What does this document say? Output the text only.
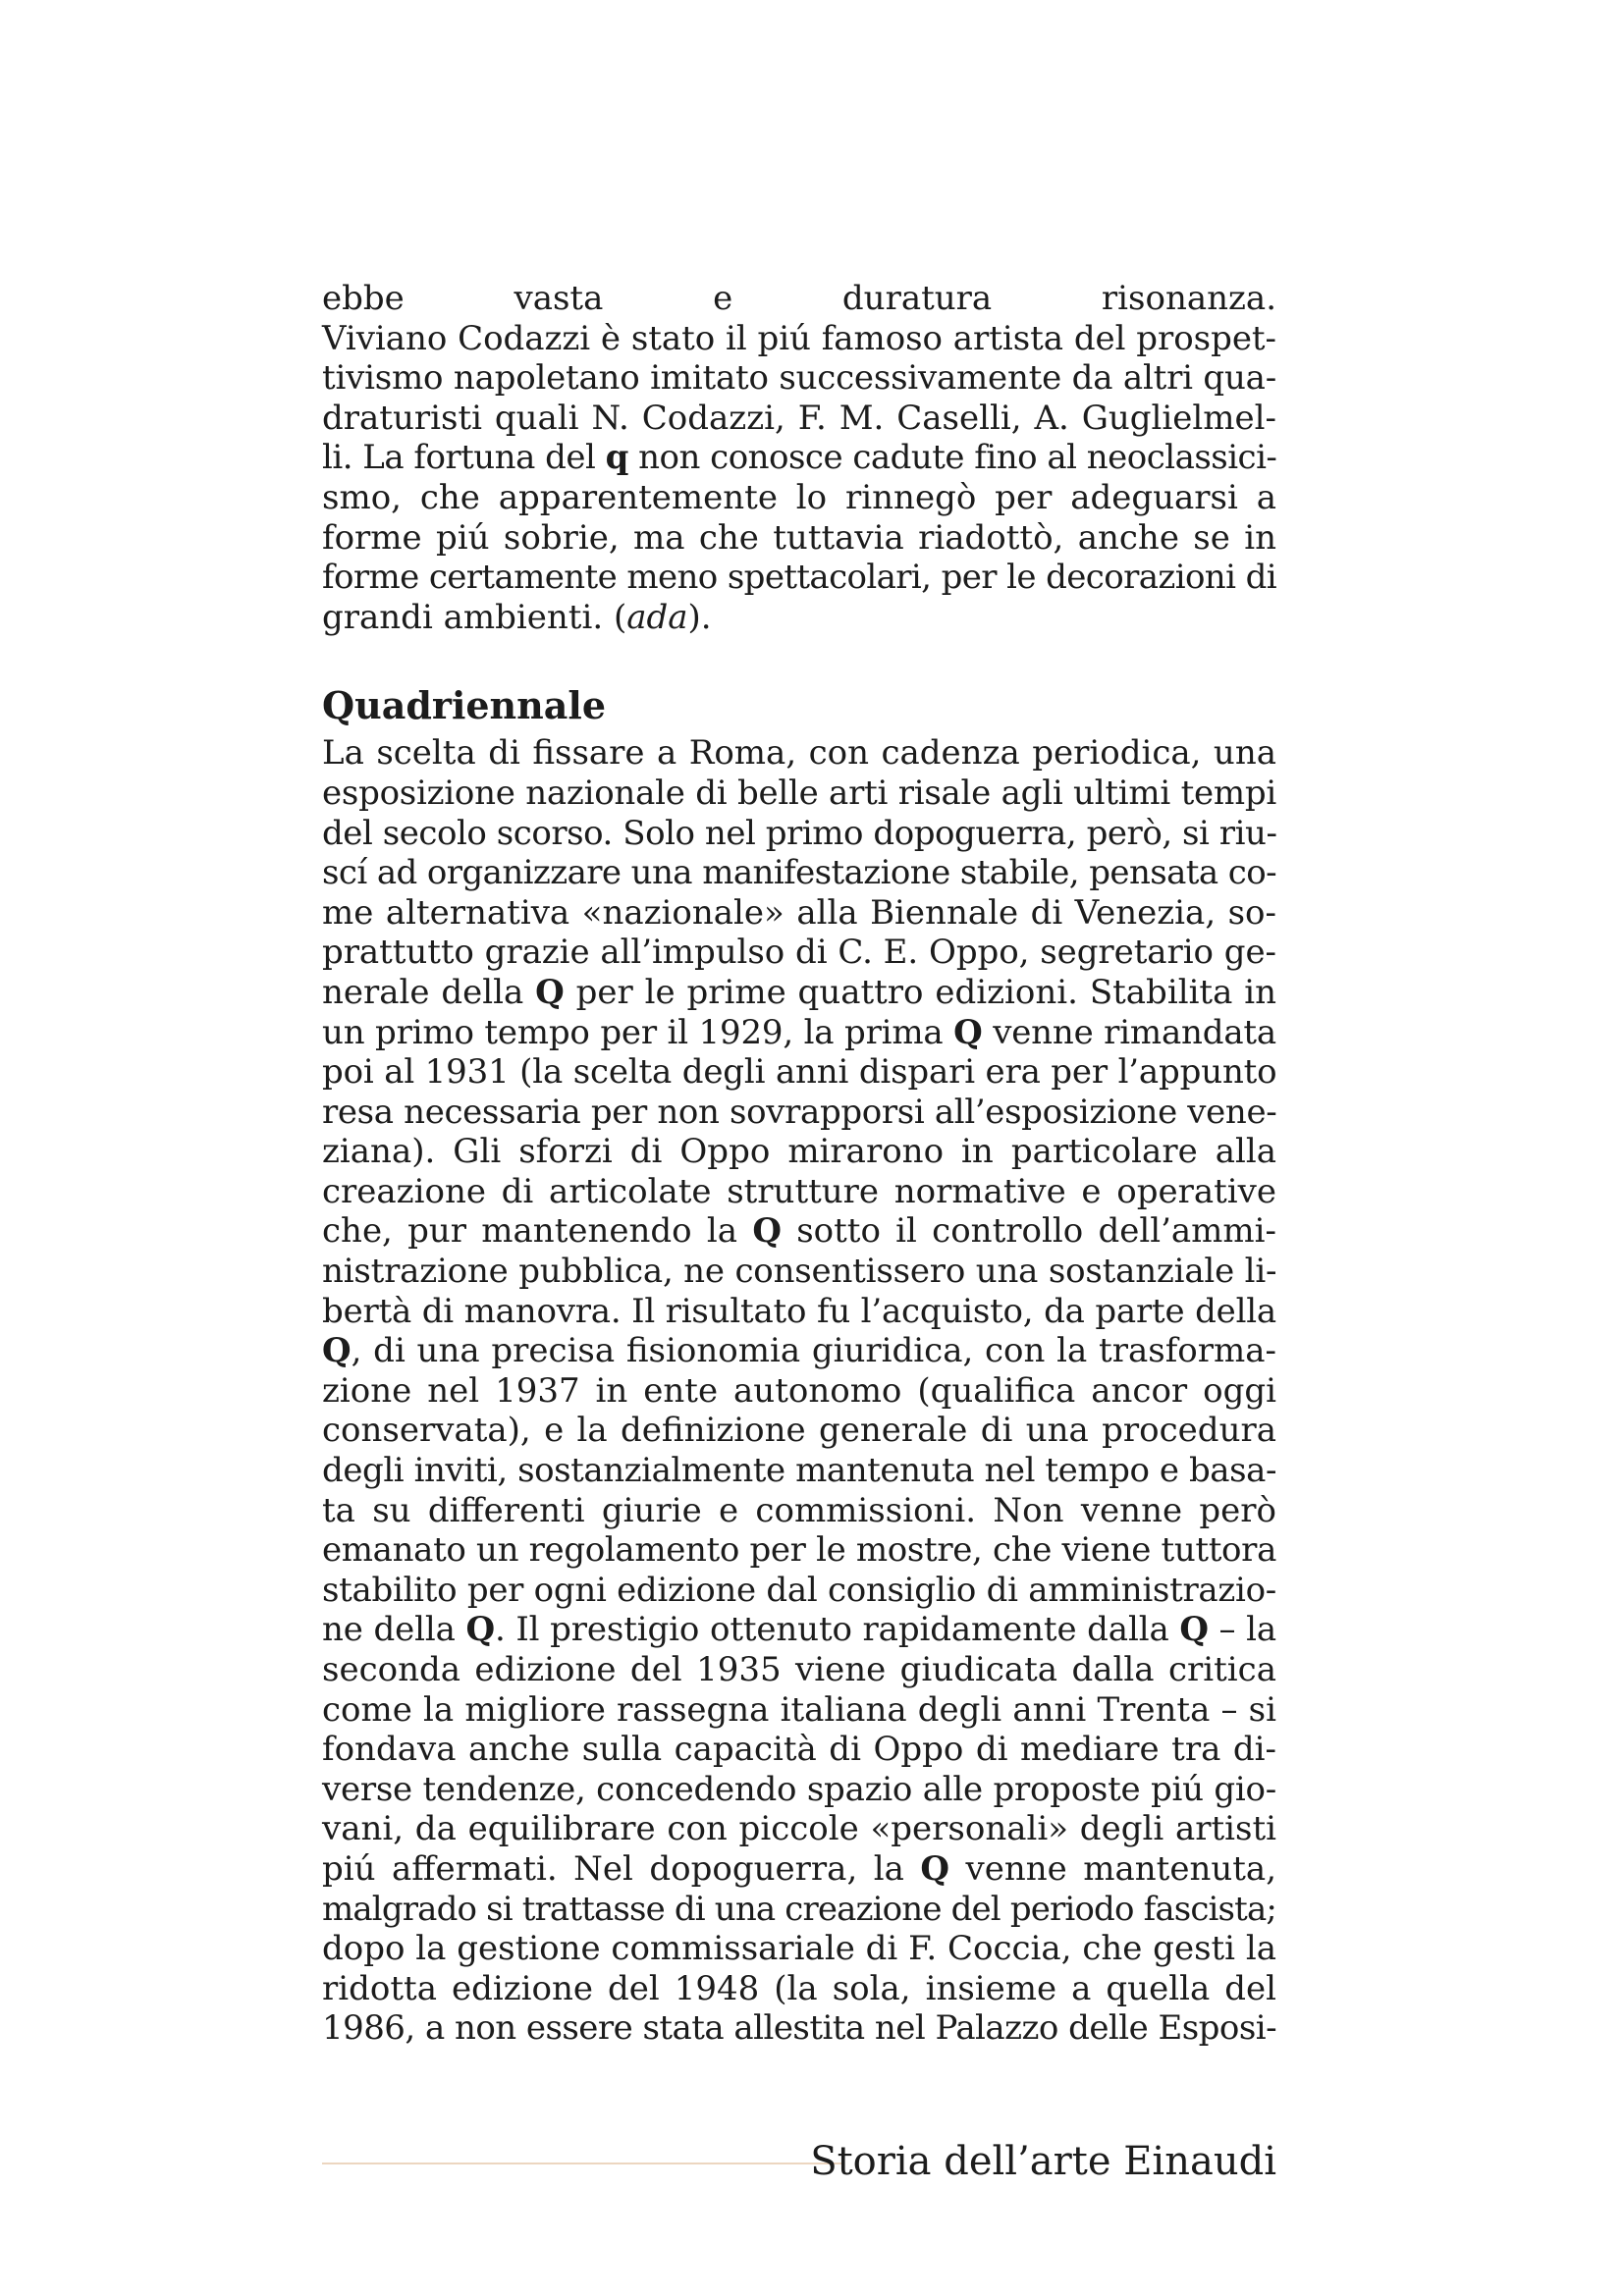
ebbe vasta e duratura risonanza.
Viviano Codazzi è stato il piú famoso artista del prospet-
tivismo napoletano imitato successivamente da altri qua-
draturisti quali N. Codazzi, F. M. Caselli, A. Guglielmel-
li. La fortuna del q non conosce cadute fino al neoclassici-
smo, che apparentemente lo rinnegò per adeguarsi a
forme piú sobrie, ma che tuttavia riadottò, anche se in
forme certamente meno spettacolari, per le decorazioni di
grandi ambienti. (ada).
Quadriennale
La scelta di fissare a Roma, con cadenza periodica, una
esposizione nazionale di belle arti risale agli ultimi tempi
del secolo scorso. Solo nel primo dopoguerra, però, si riu-
scí ad organizzare una manifestazione stabile, pensata co-
me alternativa «nazionale» alla Biennale di Venezia, so-
prattutto grazie all’impulso di C. E. Oppo, segretario ge-
nerale della Q per le prime quattro edizioni. Stabilita in
un primo tempo per il 1929, la prima Q venne rimandata
poi al 1931 (la scelta degli anni dispari era per l’appunto
resa necessaria per non sovrapporsi all’esposizione vene-
ziana). Gli sforzi di Oppo mirarono in particolare alla
creazione di articolate strutture normative e operative
che, pur mantenendo la Q sotto il controllo dell’ammi-
nistrazione pubblica, ne consentissero una sostanziale li-
bertà di manovra. Il risultato fu l’acquisto, da parte della
Q, di una precisa fisionomia giuridica, con la trasforma-
zione nel 1937 in ente autonomo (qualifica ancor oggi
conservata), e la definizione generale di una procedura
degli inviti, sostanzialmente mantenuta nel tempo e basa-
ta su differenti giurie e commissioni. Non venne però
emanato un regolamento per le mostre, che viene tuttora
stabilito per ogni edizione dal consiglio di amministrazio-
ne della Q. Il prestigio ottenuto rapidamente dalla Q – la
seconda edizione del 1935 viene giudicata dalla critica
come la migliore rassegna italiana degli anni Trenta – si
fondava anche sulla capacità di Oppo di mediare tra di-
verse tendenze, concedendo spazio alle proposte piú gio-
vani, da equilibrare con piccole «personali» degli artisti
piú affermati. Nel dopoguerra, la Q venne mantenuta,
malgrado si trattasse di una creazione del periodo fascista;
dopo la gestione commissariale di F. Coccia, che gesti la
ridotta edizione del 1948 (la sola, insieme a quella del
1986, a non essere stata allestita nel Palazzo delle Esposi-
Storia dell’arte Einaudi
